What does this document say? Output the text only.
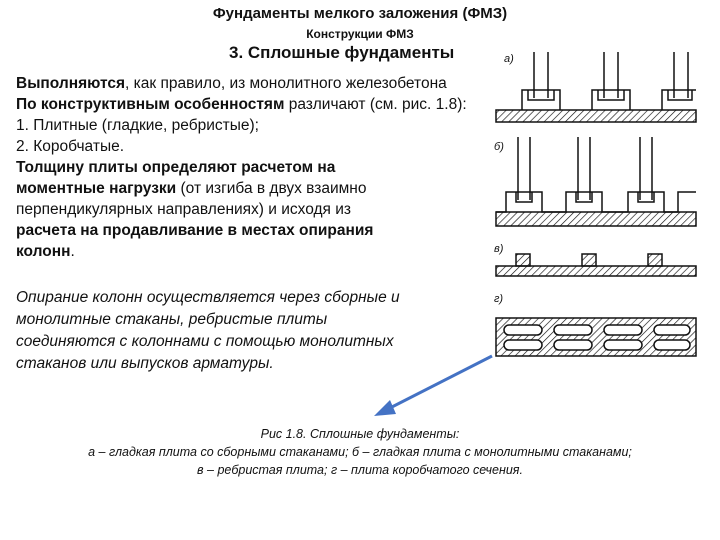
Фундаменты мелкого заложения (ФМЗ)
Конструкции ФМЗ
3. Сплошные фундаменты
Выполняются, как правило, из монолитного железобетона
По конструктивным особенностям различают (см. рис. 1.8):
1. Плитные (гладкие, ребристые);
2. Коробчатые.
Толщину плиты определяют расчетом на
моментные нагрузки (от изгиба в двух взаимно
перпендикулярных направлениях) и исходя из
расчета на продавливание в местах опирания
колонн.
Опирание колонн осуществляется через сборные и
монолитные стаканы, ребристые плиты
соединяются с колоннами с помощью монолитных
стаканов или выпусков арматуры.
а)
б)
в)
г)
Рис 1.8. Сплошные фундаменты:
а – гладкая плита со сборными стаканами; б – гладкая плита с монолитными стаканами;
в – ребристая плита; г – плита коробчатого сечения.
